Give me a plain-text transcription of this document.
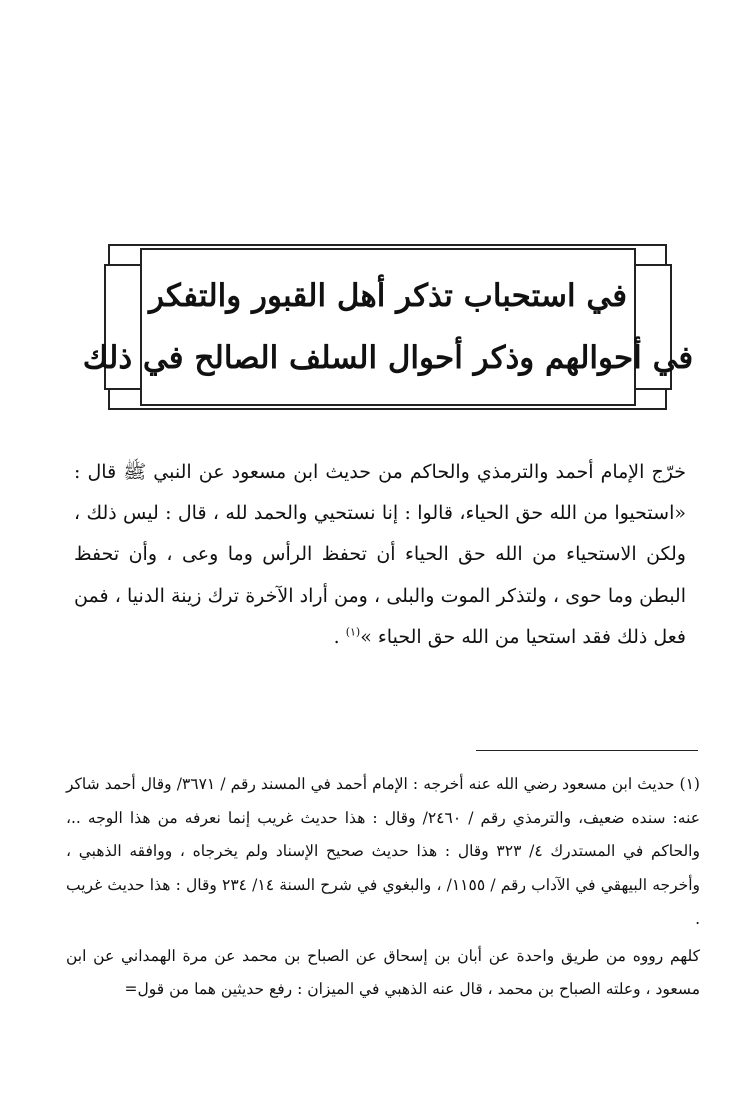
في استحباب تذكر أهل القبور والتفكر
في أحوالهم وذكر أحوال السلف الصالح في ذلك

خرّج الإمام أحمد والترمذي والحاكم من حديث ابن مسعود عن النبي ﷺ قال : «استحيوا من الله حق الحياء، قالوا : إنا نستحيي والحمد لله ، قال : ليس ذلك ، ولكن الاستحياء من الله حق الحياء أن تحفظ الرأس وما وعى ، وأن تحفظ البطن وما حوى ، ولتذكر الموت والبلى ، ومن أراد الآخرة ترك زينة الدنيا ، فمن فعل ذلك فقد استحيا من الله حق الحياء »$^{(١)}$ .

(١) حديث ابن مسعود رضي الله عنه أخرجه : الإمام أحمد في المسند رقم / ٣٦٧١/ وقال أحمد شاكر عنه: سنده ضعيف، والترمذي رقم / ٢٤٦٠/ وقال : هذا حديث غريب إنما نعرفه من هذا الوجه ..، والحاكم في المستدرك ٤/ ٣٢٣ وقال : هذا حديث صحيح الإسناد ولم يخرجاه ، ووافقه الذهبي ، وأخرجه البيهقي في الآداب رقم / ١١٥٥/ ، والبغوي في شرح السنة ١٤/ ٢٣٤ وقال : هذا حديث غريب .

كلهم رووه من طريق واحدة عن أبان بن إسحاق عن الصباح بن محمد عن مرة الهمداني عن ابن مسعود ، وعلته الصباح بن محمد ، قال عنه الذهبي في الميزان : رفع حديثين هما من قول=
